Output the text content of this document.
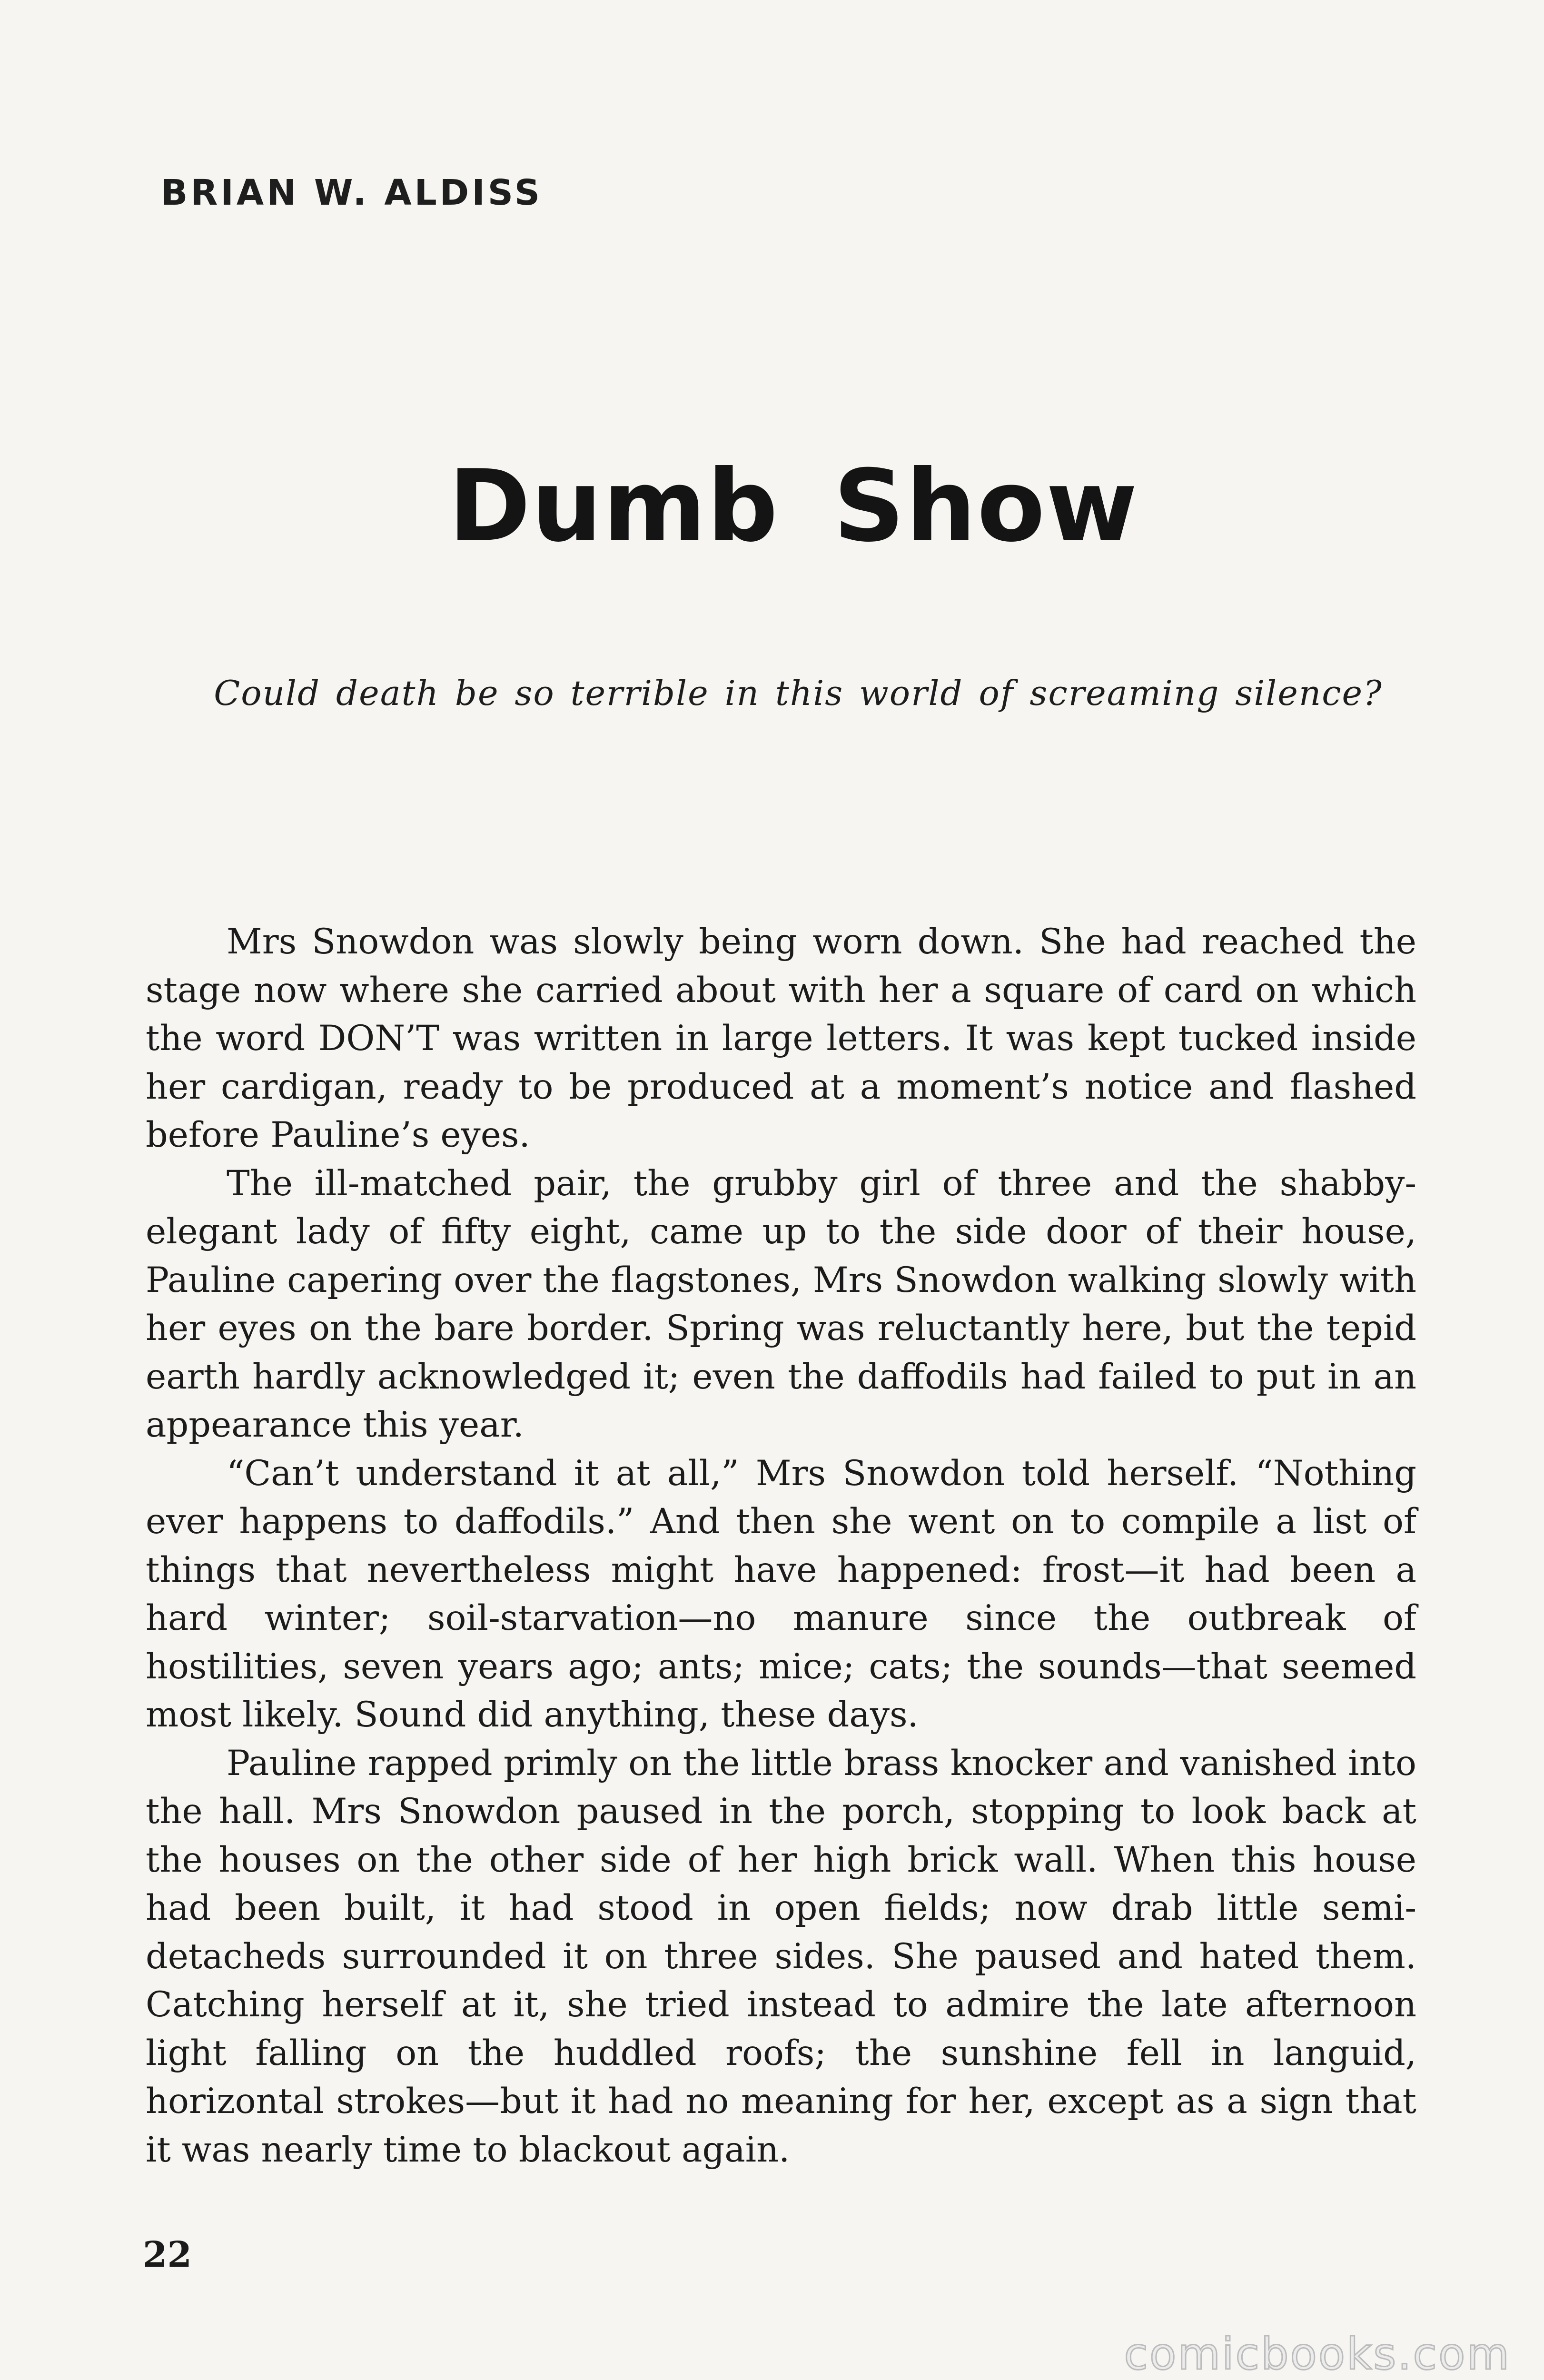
BRIAN W. ALDISS
Dumb Show
Could death be so terrible in this world of screaming silence?

Mrs Snowdon was slowly being worn down. She had reached the stage now where she carried about with her a square of card on which the word DON’T was written in large letters. It was kept tucked inside her cardigan, ready to be produced at a moment’s notice and flashed before Pauline’s eyes.

The ill-matched pair, the grubby girl of three and the shabby-elegant lady of fifty eight, came up to the side door of their house, Pauline capering over the flagstones, Mrs Snowdon walking slowly with her eyes on the bare border. Spring was reluctantly here, but the tepid earth hardly acknowledged it; even the daffodils had failed to put in an appearance this year.

“Can’t understand it at all,” Mrs Snowdon told herself. “Nothing ever happens to daffodils.” And then she went on to compile a list of things that nevertheless might have happened: frost—it had been a hard winter; soil-starvation—no manure since the outbreak of hostilities, seven years ago; ants; mice; cats; the sounds—that seemed most likely. Sound did anything, these days.

Pauline rapped primly on the little brass knocker and vanished into the hall. Mrs Snowdon paused in the porch, stopping to look back at the houses on the other side of her high brick wall. When this house had been built, it had stood in open fields; now drab little semi-detacheds surrounded it on three sides. She paused and hated them. Catching herself at it, she tried instead to admire the late afternoon light falling on the huddled roofs; the sunshine fell in languid, horizontal strokes—but it had no meaning for her, except as a sign that it was nearly time to blackout again.

22
comicbooks.com
